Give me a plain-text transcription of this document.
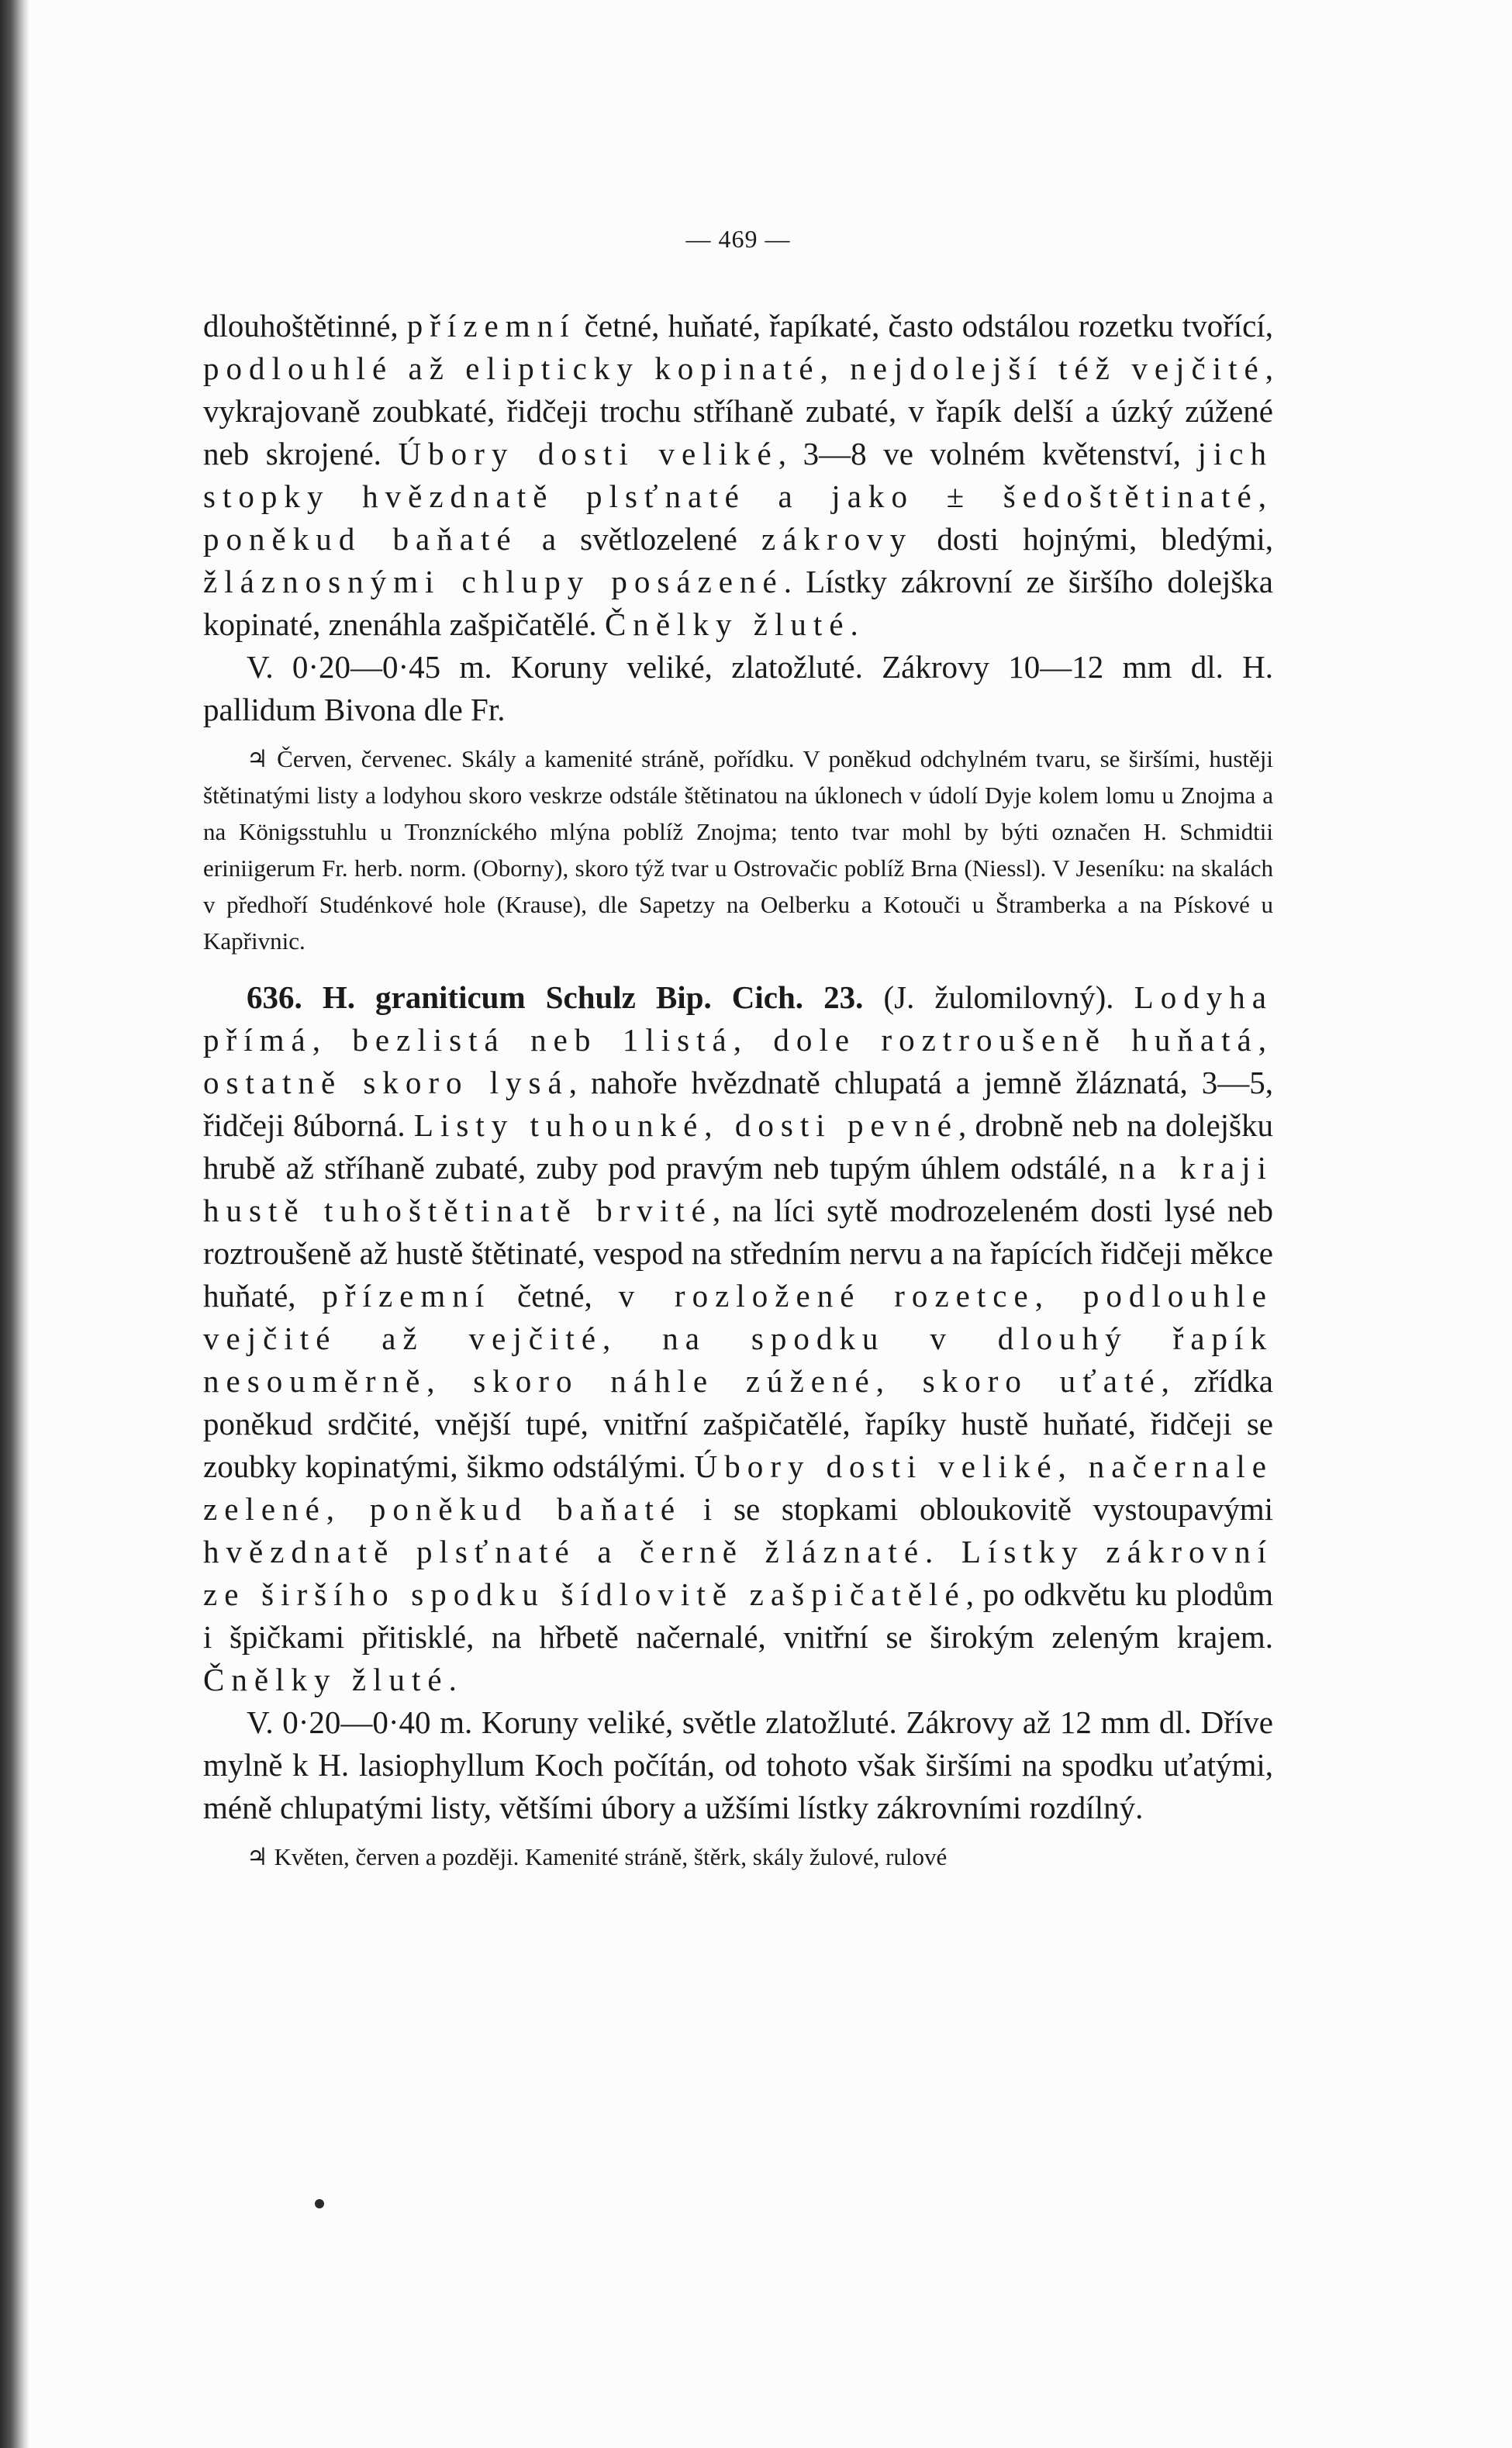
— 469 —

dlouhoštětinné, přízemní četné, huňaté, řapíkaté, často odstálou rozetku tvořící, podlouhlé až elipticky kopinaté, nejdolejší též vejčité, vykrajovaně zoubkaté, řidčeji trochu stříhaně zubaté, v řapík delší a úzký zúžené neb skrojené. Úbory dosti veliké, 3—8 ve volném květenství, jich stopky hvězdnatě plsťnaté a jako ± šedoštětinaté, poněkud baňaté a světlozelené zákrovy dosti hojnými, bledými, žláznosnými chlupy posázené. Lístky zákrovní ze širšího dolejška kopinaté, znenáhla zašpičatělé. Čnělky žluté.

V. 0·20—0·45 m. Koruny veliké, zlatožluté. Zákrovy 10—12 mm dl. H. pallidum Bivona dle Fr.

♃ Červen, červenec. Skály a kamenité stráně, pořídku. V poněkud odchylném tvaru, se širšími, hustěji štětinatými listy a lodyhou skoro veskrze odstále štětinatou na úklonech v údolí Dyje kolem lomu u Znojma a na Königsstuhlu u Tronzníckého mlýna poblíž Znojma; tento tvar mohl by býti označen H. Schmidtii eriniigerum Fr. herb. norm. (Oborny), skoro týž tvar u Ostrovačic poblíž Brna (Niessl). V Jeseníku: na skalách v předhoří Studénkové hole (Krause), dle Sapetzy na Oelberku a Kotouči u Štramberka a na Pískové u Kapřivnic.

636. H. graniticum Schulz Bip. Cich. 23. (J. žulomilovný). Lodyha přímá, bezlistá neb 1listá, dole roztroušeně huňatá, ostatně skoro lysá, nahoře hvězdnatě chlupatá a jemně žláznatá, 3—5, řidčeji 8úborná. Listy tuhounké, dosti pevné, drobně neb na dolejšku hrubě až stříhaně zubaté, zuby pod pravým neb tupým úhlem odstálé, na kraji hustě tuhoštětinatě brvité, na líci sytě modrozeleném dosti lysé neb roztroušeně až hustě štětinaté, vespod na středním nervu a na řapících řidčeji měkce huňaté, přízemní četné, v rozložené rozetce, podlouhle vejčité až vejčité, na spodku v dlouhý řapík nesouměrně, skoro náhle zúžené, skoro uťaté, zřídka poněkud srdčité, vnější tupé, vnitřní zašpičatělé, řapíky hustě huňaté, řidčeji se zoubky kopinatými, šikmo odstálými. Úbory dosti veliké, načernale zelené, poněkud baňaté i se stopkami obloukovitě vystoupavými hvězdnatě plsťnaté a černě žláznaté. Lístky zákrovní ze širšího spodku šídlovitě zašpičatělé, po odkvětu ku plodům i špičkami přitisklé, na hřbetě načernalé, vnitřní se širokým zeleným krajem. Čnělky žluté.

V. 0·20—0·40 m. Koruny veliké, světle zlatožluté. Zákrovy až 12 mm dl. Dříve mylně k H. lasiophyllum Koch počítán, od tohoto však širšími na spodku uťatými, méně chlupatými listy, většími úbory a užšími lístky zákrovními rozdílný.

♃ Květen, červen a později. Kamenité stráně, štěrk, skály žulové, rulové
